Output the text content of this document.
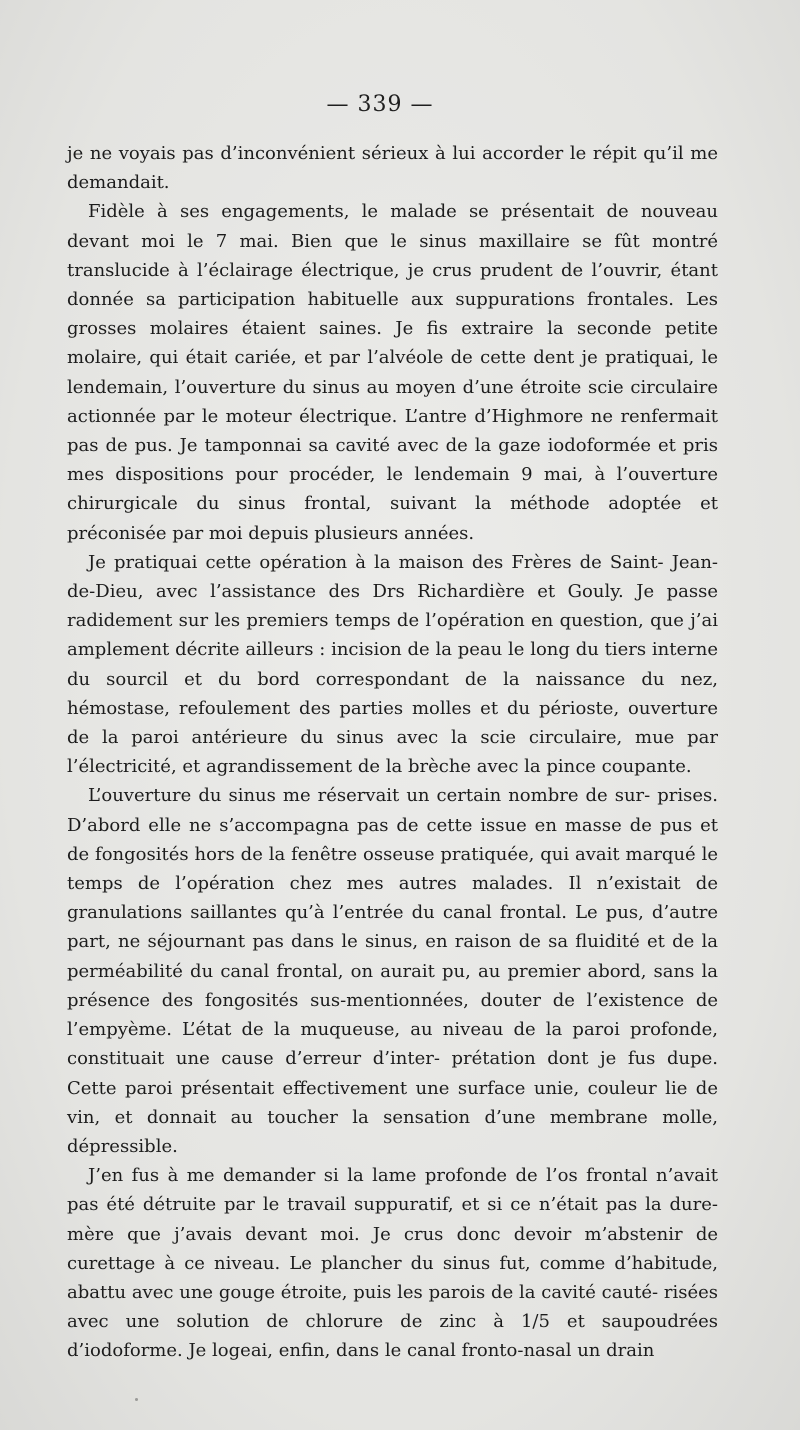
— 339 —

je ne voyais pas d’inconvénient sérieux à lui accorder le répit qu’il me demandait.

Fidèle à ses engagements, le malade se présentait de nouveau devant moi le 7 mai. Bien que le sinus maxillaire se fût montré translucide à l’éclairage électrique, je crus prudent de l’ouvrir, étant donnée sa participation habituelle aux suppurations frontales. Les grosses molaires étaient saines. Je fis extraire la seconde petite molaire, qui était cariée, et par l’alvéole de cette dent je pratiquai, le lendemain, l’ouverture du sinus au moyen d’une étroite scie circulaire actionnée par le moteur électrique. L’antre d’Highmore ne renfermait pas de pus. Je tamponnai sa cavité avec de la gaze iodoformée et pris mes dispositions pour procéder, le lendemain 9 mai, à l’ouverture chirurgicale du sinus frontal, suivant la méthode adoptée et préconisée par moi depuis plusieurs années.

Je pratiquai cette opération à la maison des Frères de Saint- Jean-de-Dieu, avec l’assistance des Drs Richardière et Gouly. Je passe radidement sur les premiers temps de l’opération en question, que j’ai amplement décrite ailleurs : incision de la peau le long du tiers interne du sourcil et du bord correspondant de la naissance du nez, hémostase, refoulement des parties molles et du périoste, ouverture de la paroi antérieure du sinus avec la scie circulaire, mue par l’électricité, et agrandissement de la brèche avec la pince coupante.

L’ouverture du sinus me réservait un certain nombre de sur- prises. D’abord elle ne s’accompagna pas de cette issue en masse de pus et de fongosités hors de la fenêtre osseuse pratiquée, qui avait marqué le temps de l’opération chez mes autres malades. Il n’existait de granulations saillantes qu’à l’entrée du canal frontal. Le pus, d’autre part, ne séjournant pas dans le sinus, en raison de sa fluidité et de la perméabilité du canal frontal, on aurait pu, au premier abord, sans la présence des fongosités sus-mentionnées, douter de l’existence de l’empyème. L’état de la muqueuse, au niveau de la paroi profonde, constituait une cause d’erreur d’inter- prétation dont je fus dupe. Cette paroi présentait effectivement une surface unie, couleur lie de vin, et donnait au toucher la sensation d’une membrane molle, dépressible.

J’en fus à me demander si la lame profonde de l’os frontal n’avait pas été détruite par le travail suppuratif, et si ce n’était pas la dure- mère que j’avais devant moi. Je crus donc devoir m’abstenir de curettage à ce niveau. Le plancher du sinus fut, comme d’habitude, abattu avec une gouge étroite, puis les parois de la cavité cauté- risées avec une solution de chlorure de zinc à 1/5 et saupoudrées d’iodoforme. Je logeai, enfin, dans le canal fronto-nasal un drain
